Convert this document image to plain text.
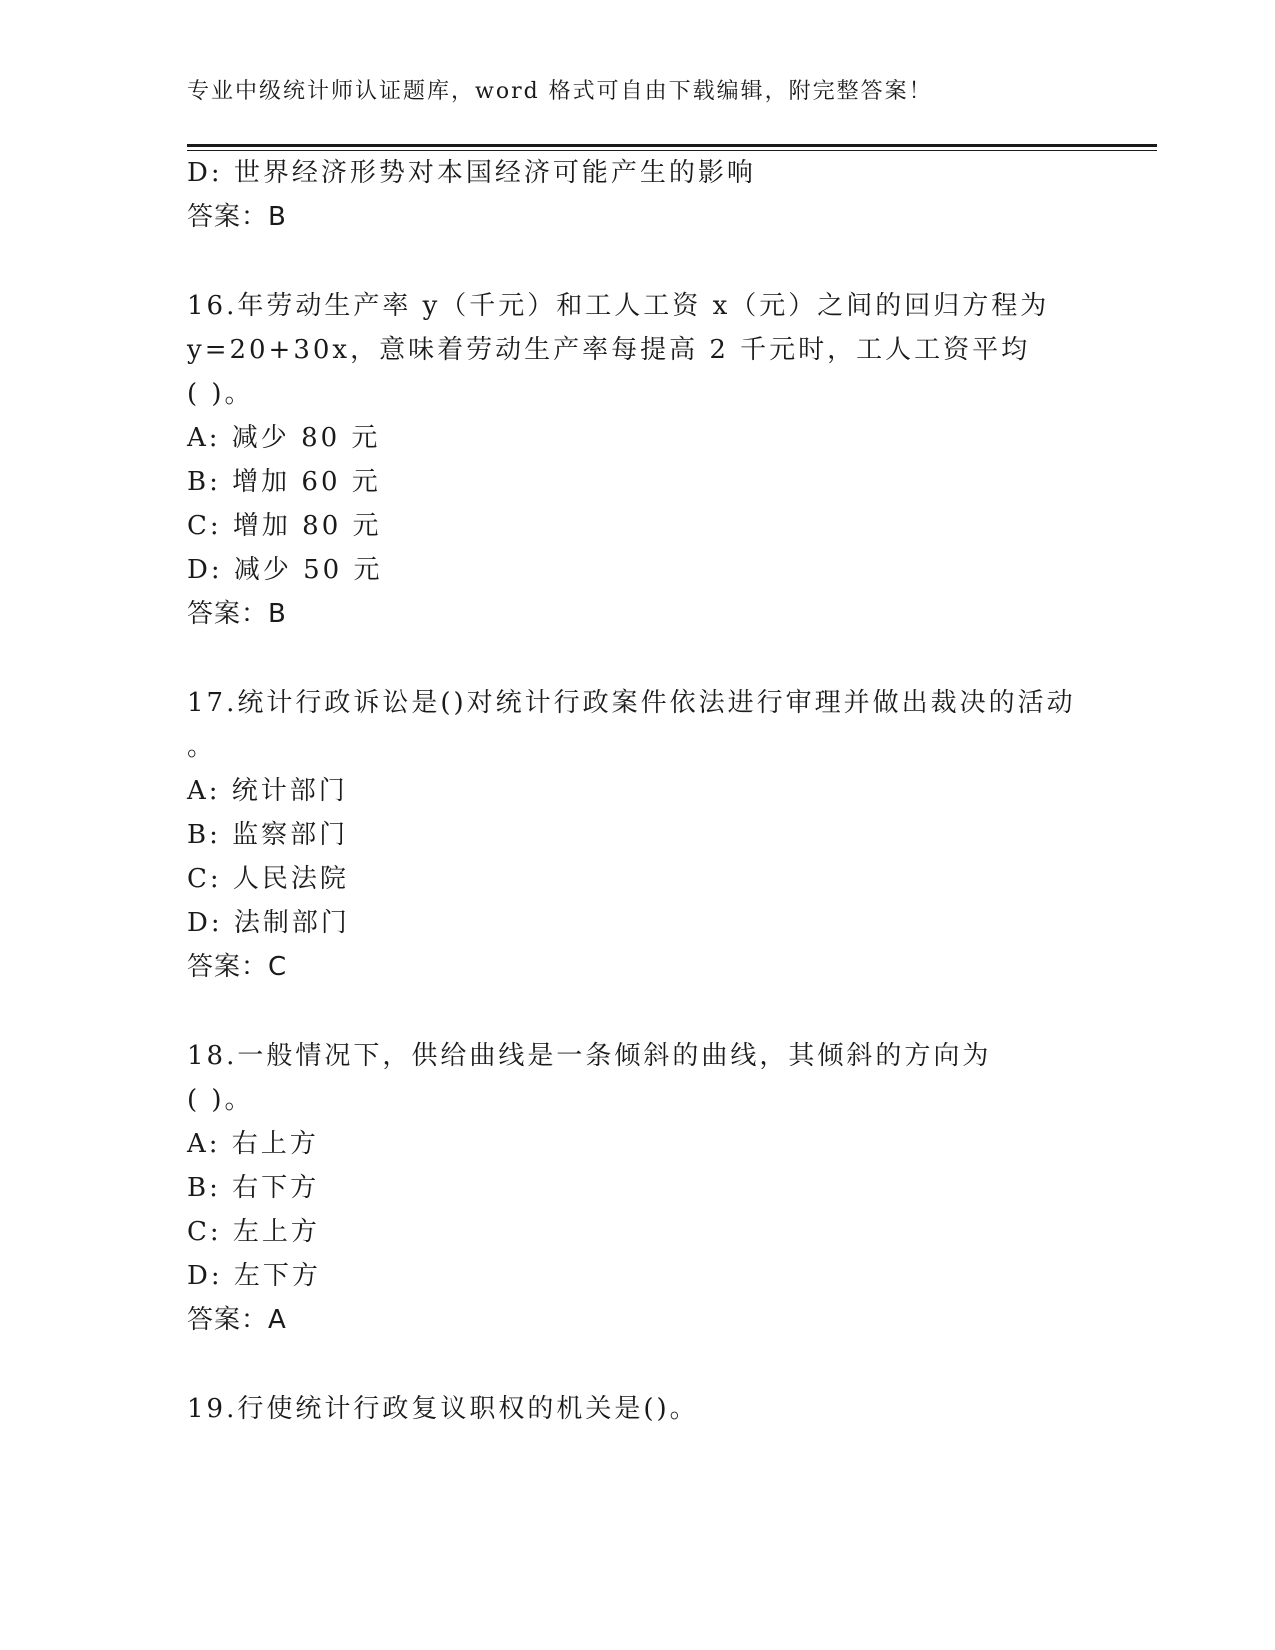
专业中级统计师认证题库，word 格式可自由下载编辑，附完整答案！
D: 世界经济形势对本国经济可能产生的影响
答案：B
16.年劳动生产率 y（千元）和工人工资 x（元）之间的回归方程为
y=20+30x，意味着劳动生产率每提高 2 千元时，工人工资平均
( )。
A: 减少 80 元
B: 增加 60 元
C: 增加 80 元
D: 减少 50 元
答案：B
17.统计行政诉讼是()对统计行政案件依法进行审理并做出裁决的活动
。
A: 统计部门
B: 监察部门
C: 人民法院
D: 法制部门
答案：C
18.一般情况下，供给曲线是一条倾斜的曲线，其倾斜的方向为
( )。
A: 右上方
B: 右下方
C: 左上方
D: 左下方
答案：A
19.行使统计行政复议职权的机关是()。
